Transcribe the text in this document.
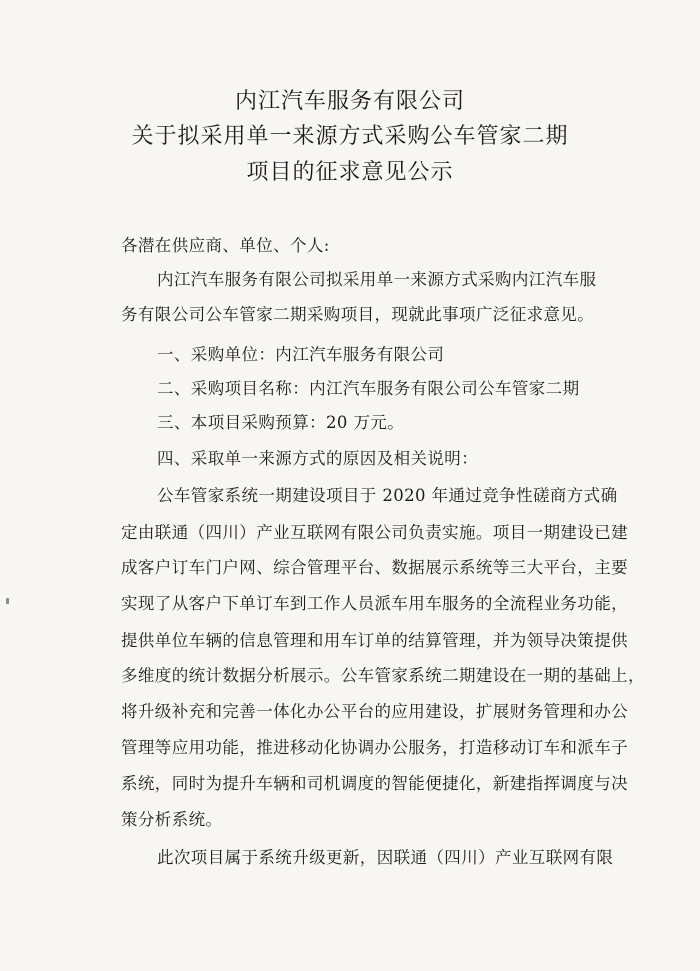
内江汽车服务有限公司
关于拟采用单一来源方式采购公车管家二期
项目的征求意见公示
各潜在供应商、单位、个人:
内江汽车服务有限公司拟采用单一来源方式采购内江汽车服
务有限公司公车管家二期采购项目，现就此事项广泛征求意见。
一、采购单位：内江汽车服务有限公司
二、采购项目名称：内江汽车服务有限公司公车管家二期
三、本项目采购预算：20 万元。
四、采取单一来源方式的原因及相关说明：
公车管家系统一期建设项目于 2020 年通过竞争性磋商方式确
定由联通（四川）产业互联网有限公司负责实施。项目一期建设已建
成客户订车门户网、综合管理平台、数据展示系统等三大平台，主要
实现了从客户下单订车到工作人员派车用车服务的全流程业务功能，
提供单位车辆的信息管理和用车订单的结算管理，并为领导决策提供
多维度的统计数据分析展示。公车管家系统二期建设在一期的基础上，
将升级补充和完善一体化办公平台的应用建设，扩展财务管理和办公
管理等应用功能，推进移动化协调办公服务，打造移动订车和派车子
系统，同时为提升车辆和司机调度的智能便捷化，新建指挥调度与决
策分析系统。
此次项目属于系统升级更新，因联通（四川）产业互联网有限
